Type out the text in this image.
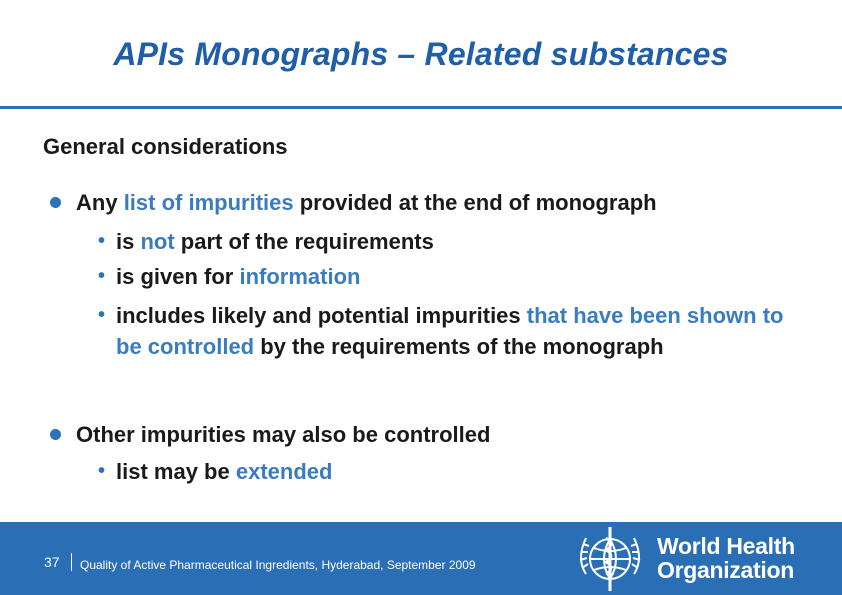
APIs Monographs – Related substances
General considerations
Any list of impurities provided at the end of monograph
• is not part of the requirements
• is given for information
• includes likely and potential impurities that have been shown to be controlled by the requirements of the monograph
Other impurities may also be controlled
• list may be extended
37 Quality of Active Pharmaceutical Ingredients, Hyderabad, September 2009
World Health
Organization
